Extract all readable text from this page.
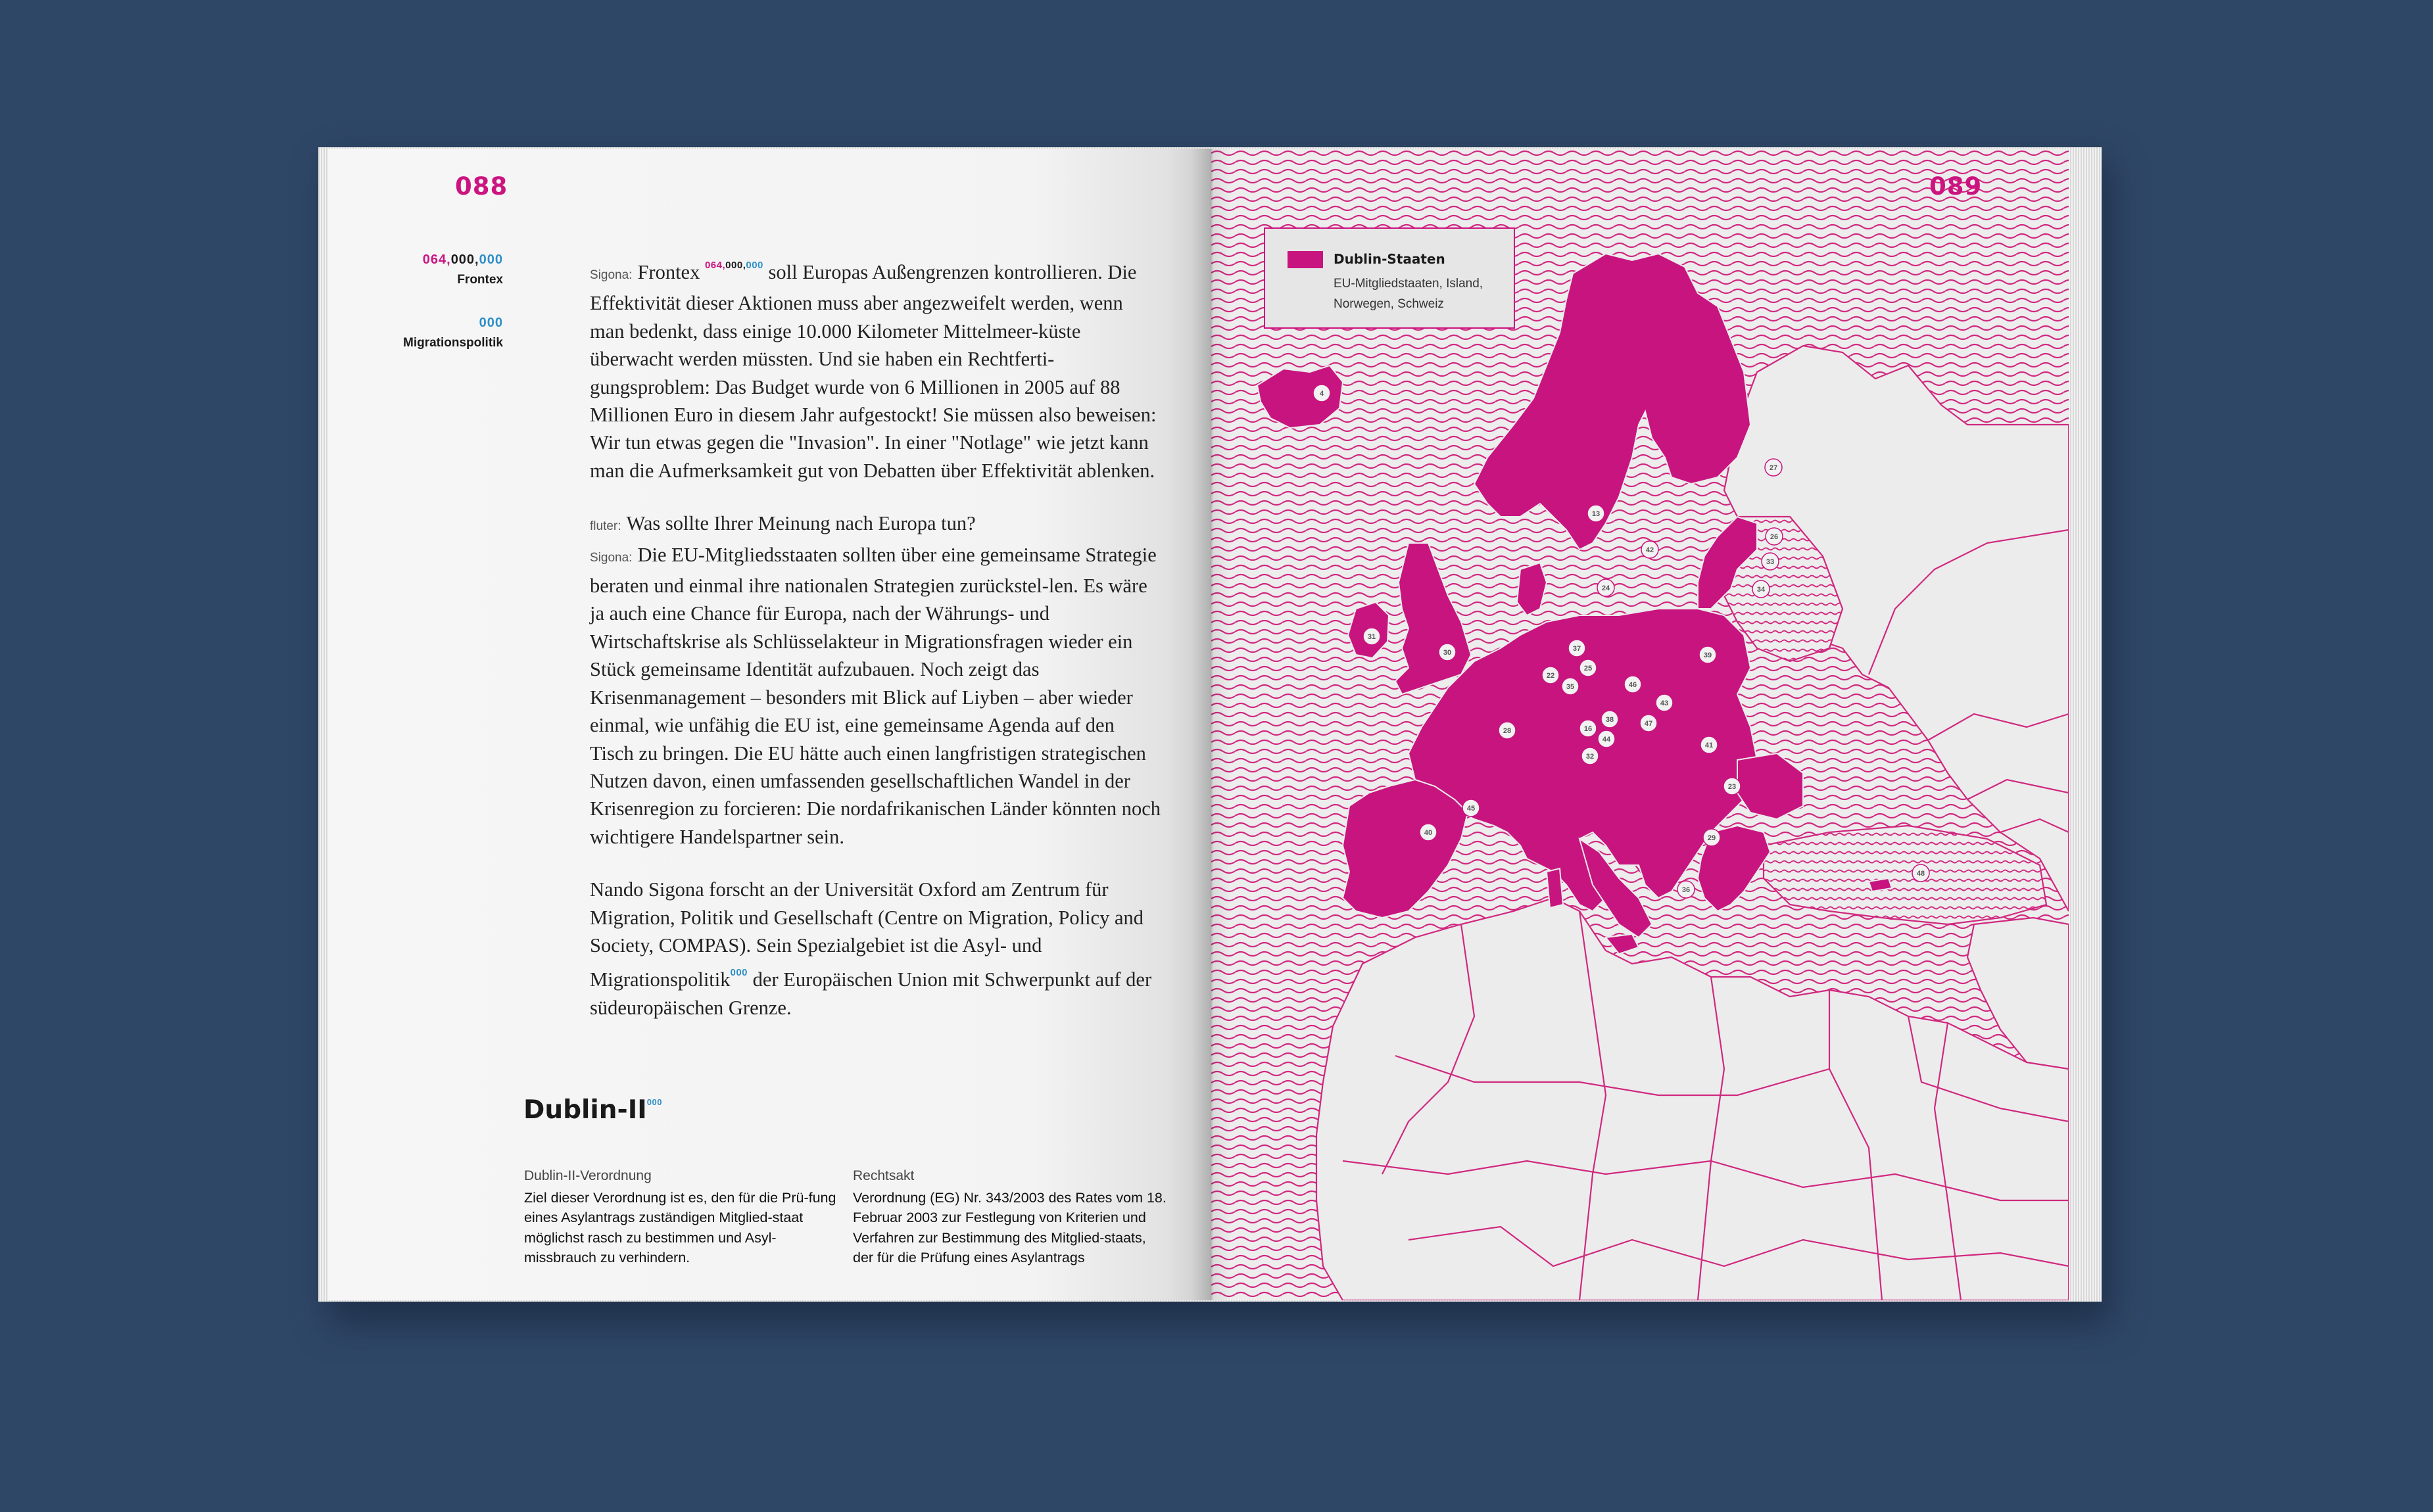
088
064,000,000
Frontex
000
Migrationspolitik

Sigona: Frontex $^{064,000,000}$ soll Europas Außengrenzen kontrollieren. Die Effektivität dieser Aktionen muss aber angezweifelt werden, wenn man bedenkt, dass einige 10.000 Kilometer Mittelmeer-küste überwacht werden müssten. Und sie haben ein Rechtferti-gungsproblem: Das Budget wurde von 6 Millionen in 2005 auf 88 Millionen Euro in diesem Jahr aufgestockt! Sie müssen also beweisen: Wir tun etwas gegen die "Invasion". In einer "Notlage" wie jetzt kann man die Aufmerksamkeit gut von Debatten über Effektivität ablenken.

fluter: Was sollte Ihrer Meinung nach Europa tun?
Sigona: Die EU-Mitgliedsstaaten sollten über eine gemeinsame Strategie beraten und einmal ihre nationalen Strategien zurückstel-len. Es wäre ja auch eine Chance für Europa, nach der Währungs- und Wirtschaftskrise als Schlüsselakteur in Migrationsfragen wieder ein Stück gemeinsame Identität aufzubauen. Noch zeigt das Krisenmanagement – besonders mit Blick auf Liyben – aber wieder einmal, wie unfähig die EU ist, eine gemeinsame Agenda auf den Tisch zu bringen. Die EU hätte auch einen langfristigen strategischen Nutzen davon, einen umfassenden gesellschaftlichen Wandel in der Krisenregion zu forcieren: Die nordafrikanischen Länder könnten noch wichtigere Handelspartner sein.

Nando Sigona forscht an der Universität Oxford am Zentrum für Migration, Politik und Gesellschaft (Centre on Migration, Policy and Society, COMPAS). Sein Spezialgebiet ist die Asyl- und Migrationspolitik$^{000}$ der Europäischen Union mit Schwerpunkt auf der südeuropäischen Grenze.

Dublin-II$^{000}$
Dublin-II-Verordnung
Ziel dieser Verordnung ist es, den für die Prü-fung eines Asylantrags zuständigen Mitglied-staat möglichst rasch zu bestimmen und Asyl-missbrauch zu verhindern.
Rechtsakt
Verordnung (EG) Nr. 343/2003 des Rates vom 18. Februar 2003 zur Festlegung von Kriterien und Verfahren zur Bestimmung des Mitglied-staats, der für die Prüfung eines Asylantrags
4
13
42
27
26
33
34
24
31
30	37
22
25
35
39
46
28	16
38
43
47
32
44
41
23
45
40
29
36
48
089
Dublin-Staaten
EU-Mitgliedstaaten, Island, Norwegen, Schweiz
